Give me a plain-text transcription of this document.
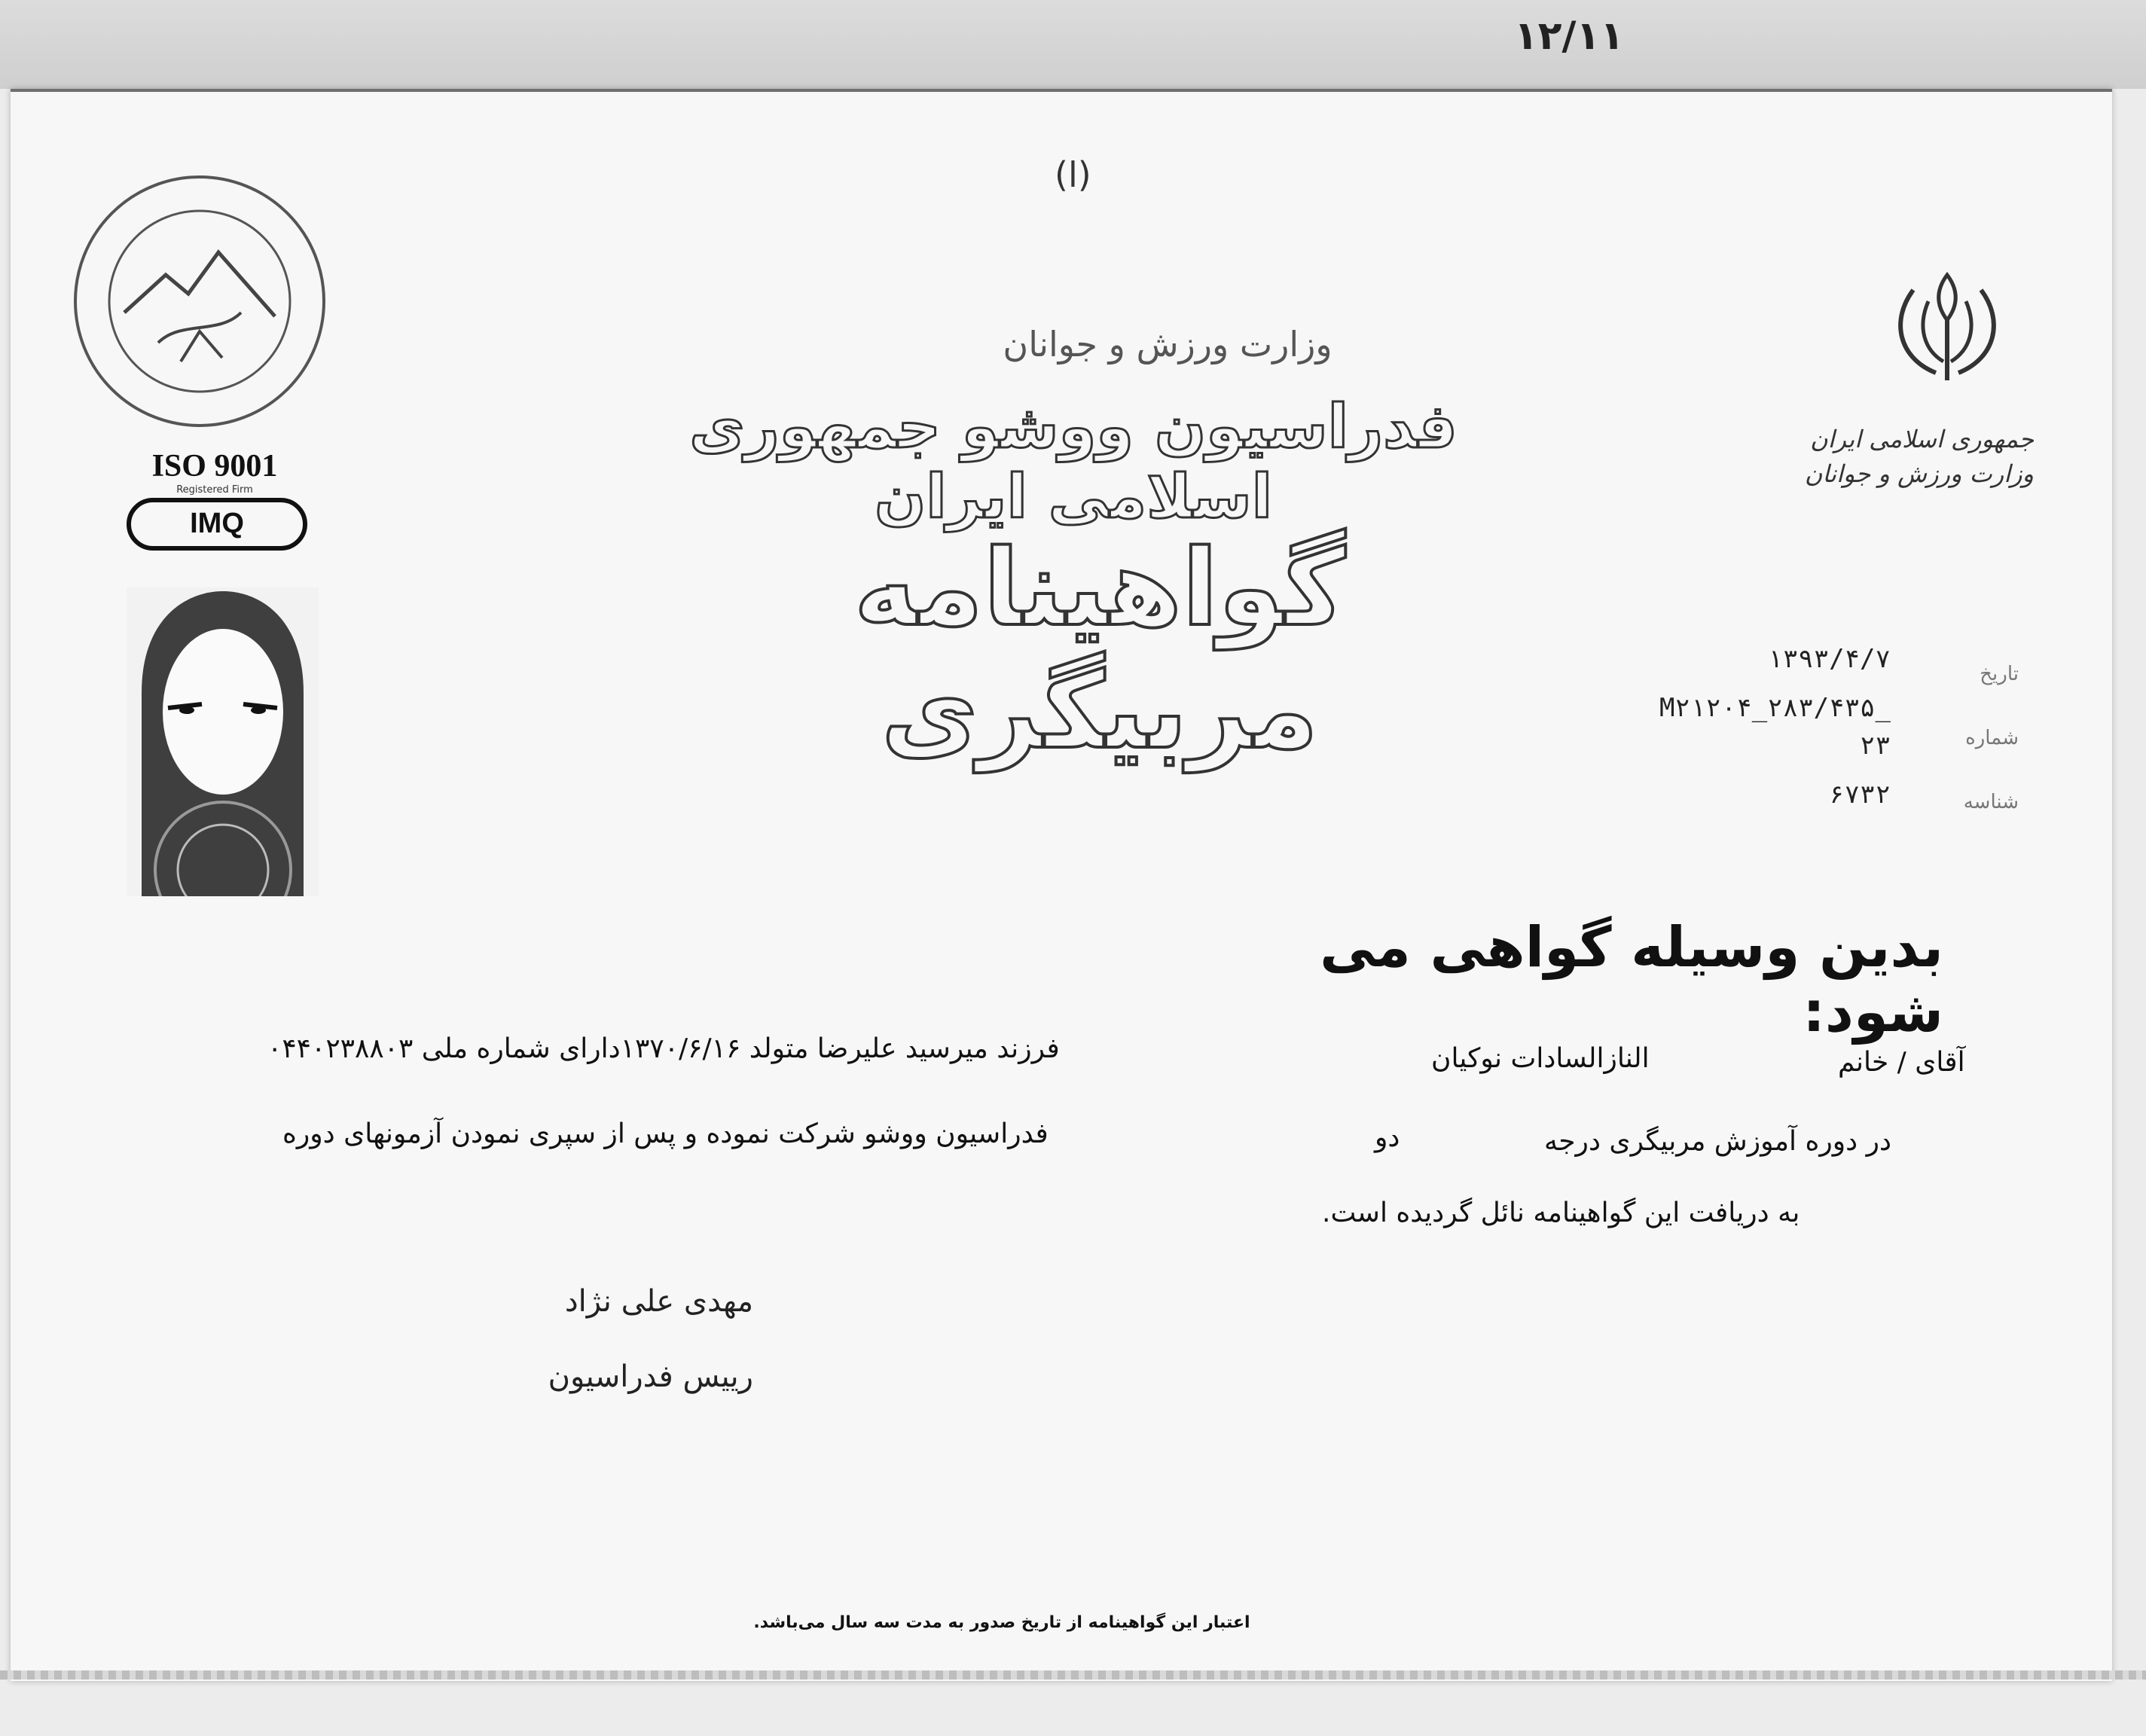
۱۲/۱۱
(ا)
جمهوری اسلامی ایران
وزارت ورزش و جوانان
ISO 9001
Registered Firm
IMQ
وزارت ورزش و جوانان
فدراسیون ووشو جمهوری اسلامی ایران
گواهینامه مربیگری	تاریخ
۱۳۹۳/۴/۷
شماره
M۲۱۲۰۴_۲۸۳/۴۳۵_
۲۳
شناسه
۶۷۳۲
بدین وسیله گواهی می شود:
آقای / خانم
النازالسادات نوکیان
فرزند میرسید علیرضا متولد ۱۳۷۰/۶/۱۶دارای شماره ملی ۰۴۴۰۲۳۸۸۰۳
در دوره آموزش مربیگری درجه
دو
فدراسیون ووشو شرکت نموده و پس از سپری نمودن آزمونهای دوره
به دریافت این گواهینامه نائل گردیده است.
مهدی علی نژاد
رییس فدراسیون
اعتبار این گواهینامه از تاریخ صدور به مدت سه سال می‌باشد.
